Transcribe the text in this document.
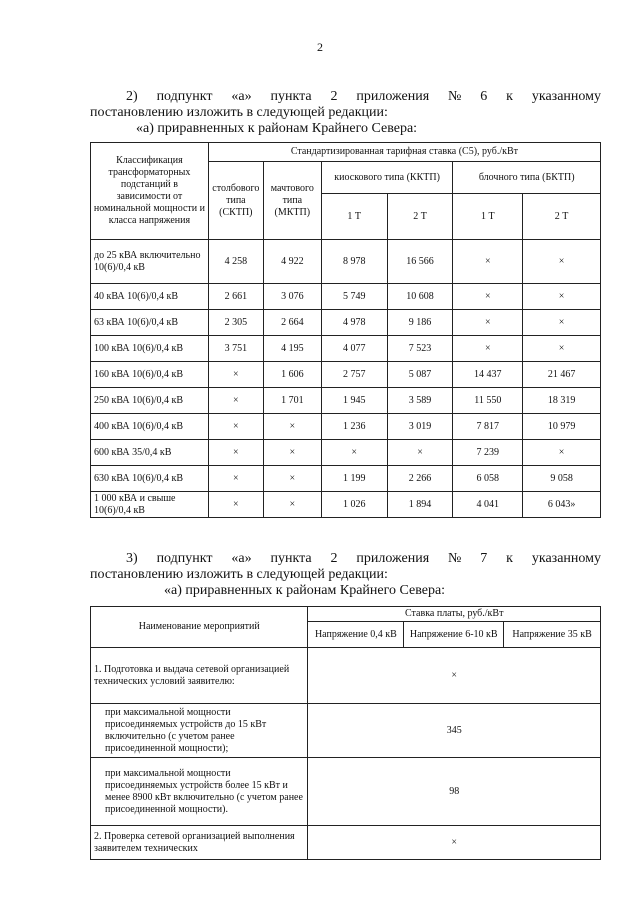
2
2) подпункт «а» пункта 2 приложения № 6 к указанному
постановлению изложить в следующей редакции:
«а) приравненных к районам Крайнего Севера:
Классификация трансформаторных подстанций в зависимости от номинальной мощности и класса напряжения	Стандартизированная тарифная ставка (С5), руб./кВт					
	столбового типа (СКТП)	мачтового типа (МКТП)	киоскового типа (ККТП)		блочного типа (БКТП)	
			1 Т	2 Т	1 Т	2 Т
до 25 кВА включительно 10(6)/0,4 кВ	4 258	4 922	8 978	16 566	×	×
40 кВА 10(6)/0,4 кВ	2 661	3 076	5 749	10 608	×	×
63 кВА 10(6)/0,4 кВ	2 305	2 664	4 978	9 186	×	×
100 кВА 10(6)/0,4 кВ	3 751	4 195	4 077	7 523	×	×
160 кВА 10(6)/0,4 кВ	×	1 606	2 757	5 087	14 437	21 467
250 кВА 10(6)/0,4 кВ	×	1 701	1 945	3 589	11 550	18 319
400 кВА 10(6)/0,4 кВ	×	×	1 236	3 019	7 817	10 979
600 кВА 35/0,4 кВ	×	×	×	×	7 239	×
630 кВА 10(6)/0,4 кВ	×	×	1 199	2 266	6 058	9 058
1 000 кВА и свыше 10(6)/0,4 кВ	×	×	1 026	1 894	4 041	6 043»
3) подпункт «а» пункта 2 приложения № 7 к указанному
постановлению изложить в следующей редакции:
«а) приравненных к районам Крайнего Севера:
Наименование мероприятий	Ставка платы, руб./кВт		
	Напряжение 0,4 кВ	Напряжение 6-10 кВ	Напряжение 35 кВ
1. Подготовка и выдача сетевой организацией технических условий заявителю:	×		
при максимальной мощности присоединяемых устройств до 15 кВт включительно (с учетом ранее присоединенной мощности);	345		
при максимальной мощности присоединяемых устройств более 15 кВт и менее 8900 кВт включительно (с учетом ранее присоединенной мощности).	98		
2. Проверка сетевой организацией выполнения заявителем технических	×		
